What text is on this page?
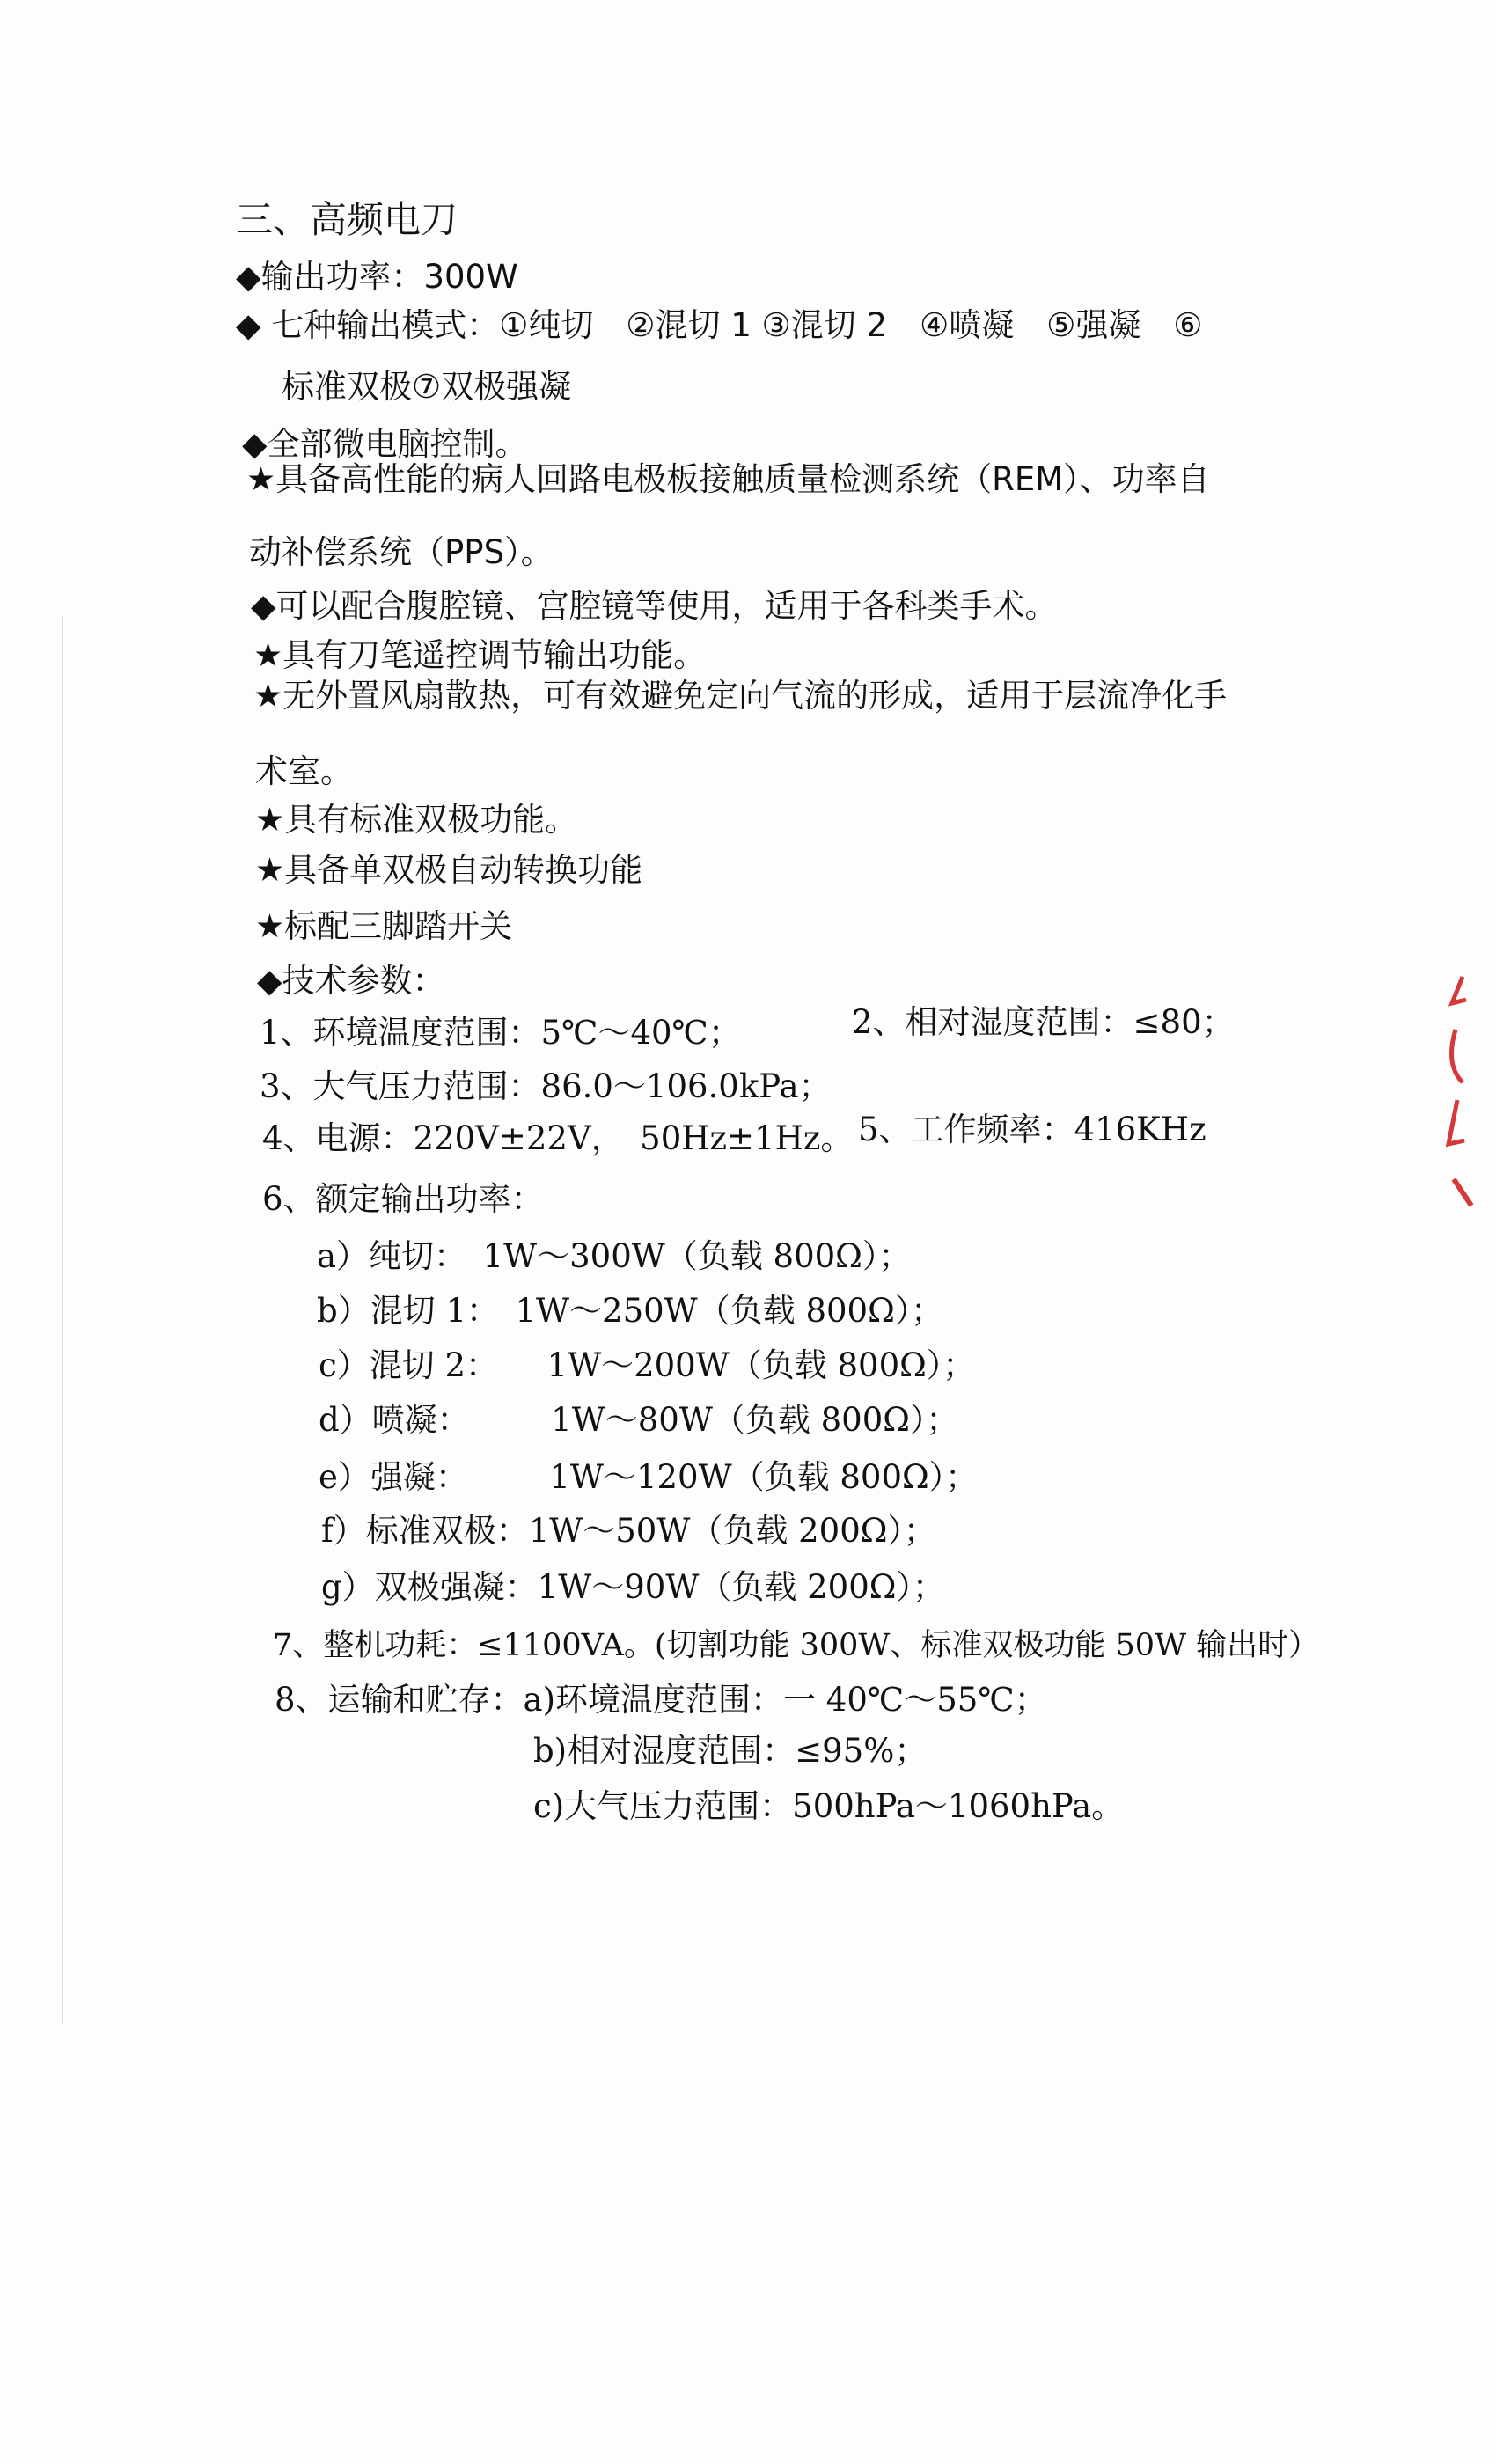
三、高频电刀
◆输出功率：300W
◆ 七种输出模式：①纯切　②混切 1 ③混切 2　④喷凝　⑤强凝　⑥
标准双极⑦双极强凝
◆全部微电脑控制。
★具备高性能的病人回路电极板接触质量检测系统（REM）、功率自
动补偿系统（PPS）。
◆可以配合腹腔镜、宫腔镜等使用，适用于各科类手术。
★具有刀笔遥控调节输出功能。
★无外置风扇散热，可有效避免定向气流的形成，适用于层流净化手
术室。
★具有标准双极功能。
★具备单双极自动转换功能
★标配三脚踏开关
◆技术参数：
1、环境温度范围：5℃～40℃；	2、相对湿度范围：≤80；
3、大气压力范围：86.0～106.0kPa；
4、电源：220V±22V，　50Hz±1Hz。 5、工作频率：416KHz
6、额定输出功率：
a）纯切：　1W～300W（负载 800Ω）；
b）混切 1：　1W～250W（负载 800Ω）；
c）混切 2：　　1W～200W（负载 800Ω）；
d）喷凝：　　　1W～80W（负载 800Ω）；
e）强凝：　　　1W～120W（负载 800Ω）；
f）标准双极：1W～50W（负载 200Ω）；
g）双极强凝：1W～90W（负载 200Ω）；
7、整机功耗：≤1100VA。(切割功能 300W、标准双极功能 50W 输出时）
8、运输和贮存：a)环境温度范围：一 40℃～55℃；
b)相对湿度范围：≤95%；
c)大气压力范围：500hPa～1060hPa。
